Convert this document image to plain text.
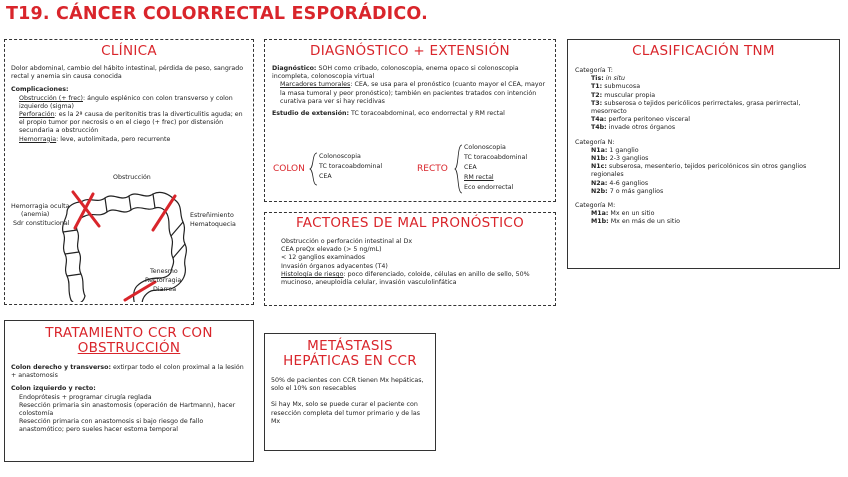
T19. CÁNCER COLORRECTAL ESPORÁDICO.
CLÍNICA
Dolor abdominal, cambio del hábito intestinal, pérdida de peso, sangrado rectal y anemia sin causa conocida
Complicaciones:
Obstrucción (+ frec): ángulo esplénico con colon transverso y colon izquierdo (sigma)
Perforación: es la 2ª causa de peritonitis tras la diverticulitis aguda; en el propio tumor por necrosis o en el ciego (+ frec) por distensión secundaria a obstrucción
Hemorragia: leve, autolimitada, pero recurrente
Obstrucción
Hemorragia oculta
(anemia)
Sdr constitucional
Estreñimiento
Hematoquecia
Tenesmo
Rectorragia
Diarrea
DIAGNÓSTICO + EXTENSIÓN
Diagnóstico: SOH como cribado, colonoscopia, enema opaco si colonoscopia incompleta, colonoscopia virtual
Marcadores tumorales: CEA, se usa para el pronóstico (cuanto mayor el CEA, mayor la masa tumoral y peor pronóstico); también en pacientes tratados con intención curativa para ver si hay recidivas
Estudio de extensión: TC toracoabdominal, eco endorrectal y RM rectal
COLON
Colonoscopia
TC toracoabdominal
CEA
RECTO
Colonoscopia
TC toracoabdominal
CEA
RM rectal
Eco endorrectal
FACTORES DE MAL PRONÓSTICO
Obstrucción o perforación intestinal al Dx
CEA preQx elevado (> 5 ng/mL)
< 12 ganglios examinados
Invasión órganos adyacentes (T4)
Histología de riesgo: poco diferenciado, coloide, células en anillo de sello, 50% mucinoso, aneuploidía celular, invasión vasculolinfática
CLASIFICACIÓN TNM
Categoría T:
Tis: in situ
T1: submucosa
T2: muscular propia
T3: subserosa o tejidos pericólicos perirrectales, grasa perirrectal, mesorrecto
T4a: perfora peritoneo visceral
T4b: invade otros órganos
Categoría N:
N1a: 1 ganglio
N1b: 2-3 ganglios
N1c: subserosa, mesenterio, tejidos pericolónicos sin otros ganglios regionales
N2a: 4-6 ganglios
N2b: 7 o más ganglios
Categoría M:
M1a: Mx en un sitio
M1b: Mx en más de un sitio
TRATAMIENTO CCR CON
OBSTRUCCIÓN
Colon derecho y transverso: extirpar todo el colon proximal a la lesión + anastomosis
Colon izquierdo y recto:
Endoprótesis + programar cirugía reglada
Resección primaria sin anastomosis (operación de Hartmann), hacer colostomía
Resección primaria con anastomosis si bajo riesgo de fallo anastomótico; pero sueles hacer estoma temporal
METÁSTASIS
HEPÁTICAS EN CCR
50% de pacientes con CCR tienen Mx hepáticas, solo el 10% son resecables
Si hay Mx, solo se puede curar el paciente con resección completa del tumor primario y de las Mx
